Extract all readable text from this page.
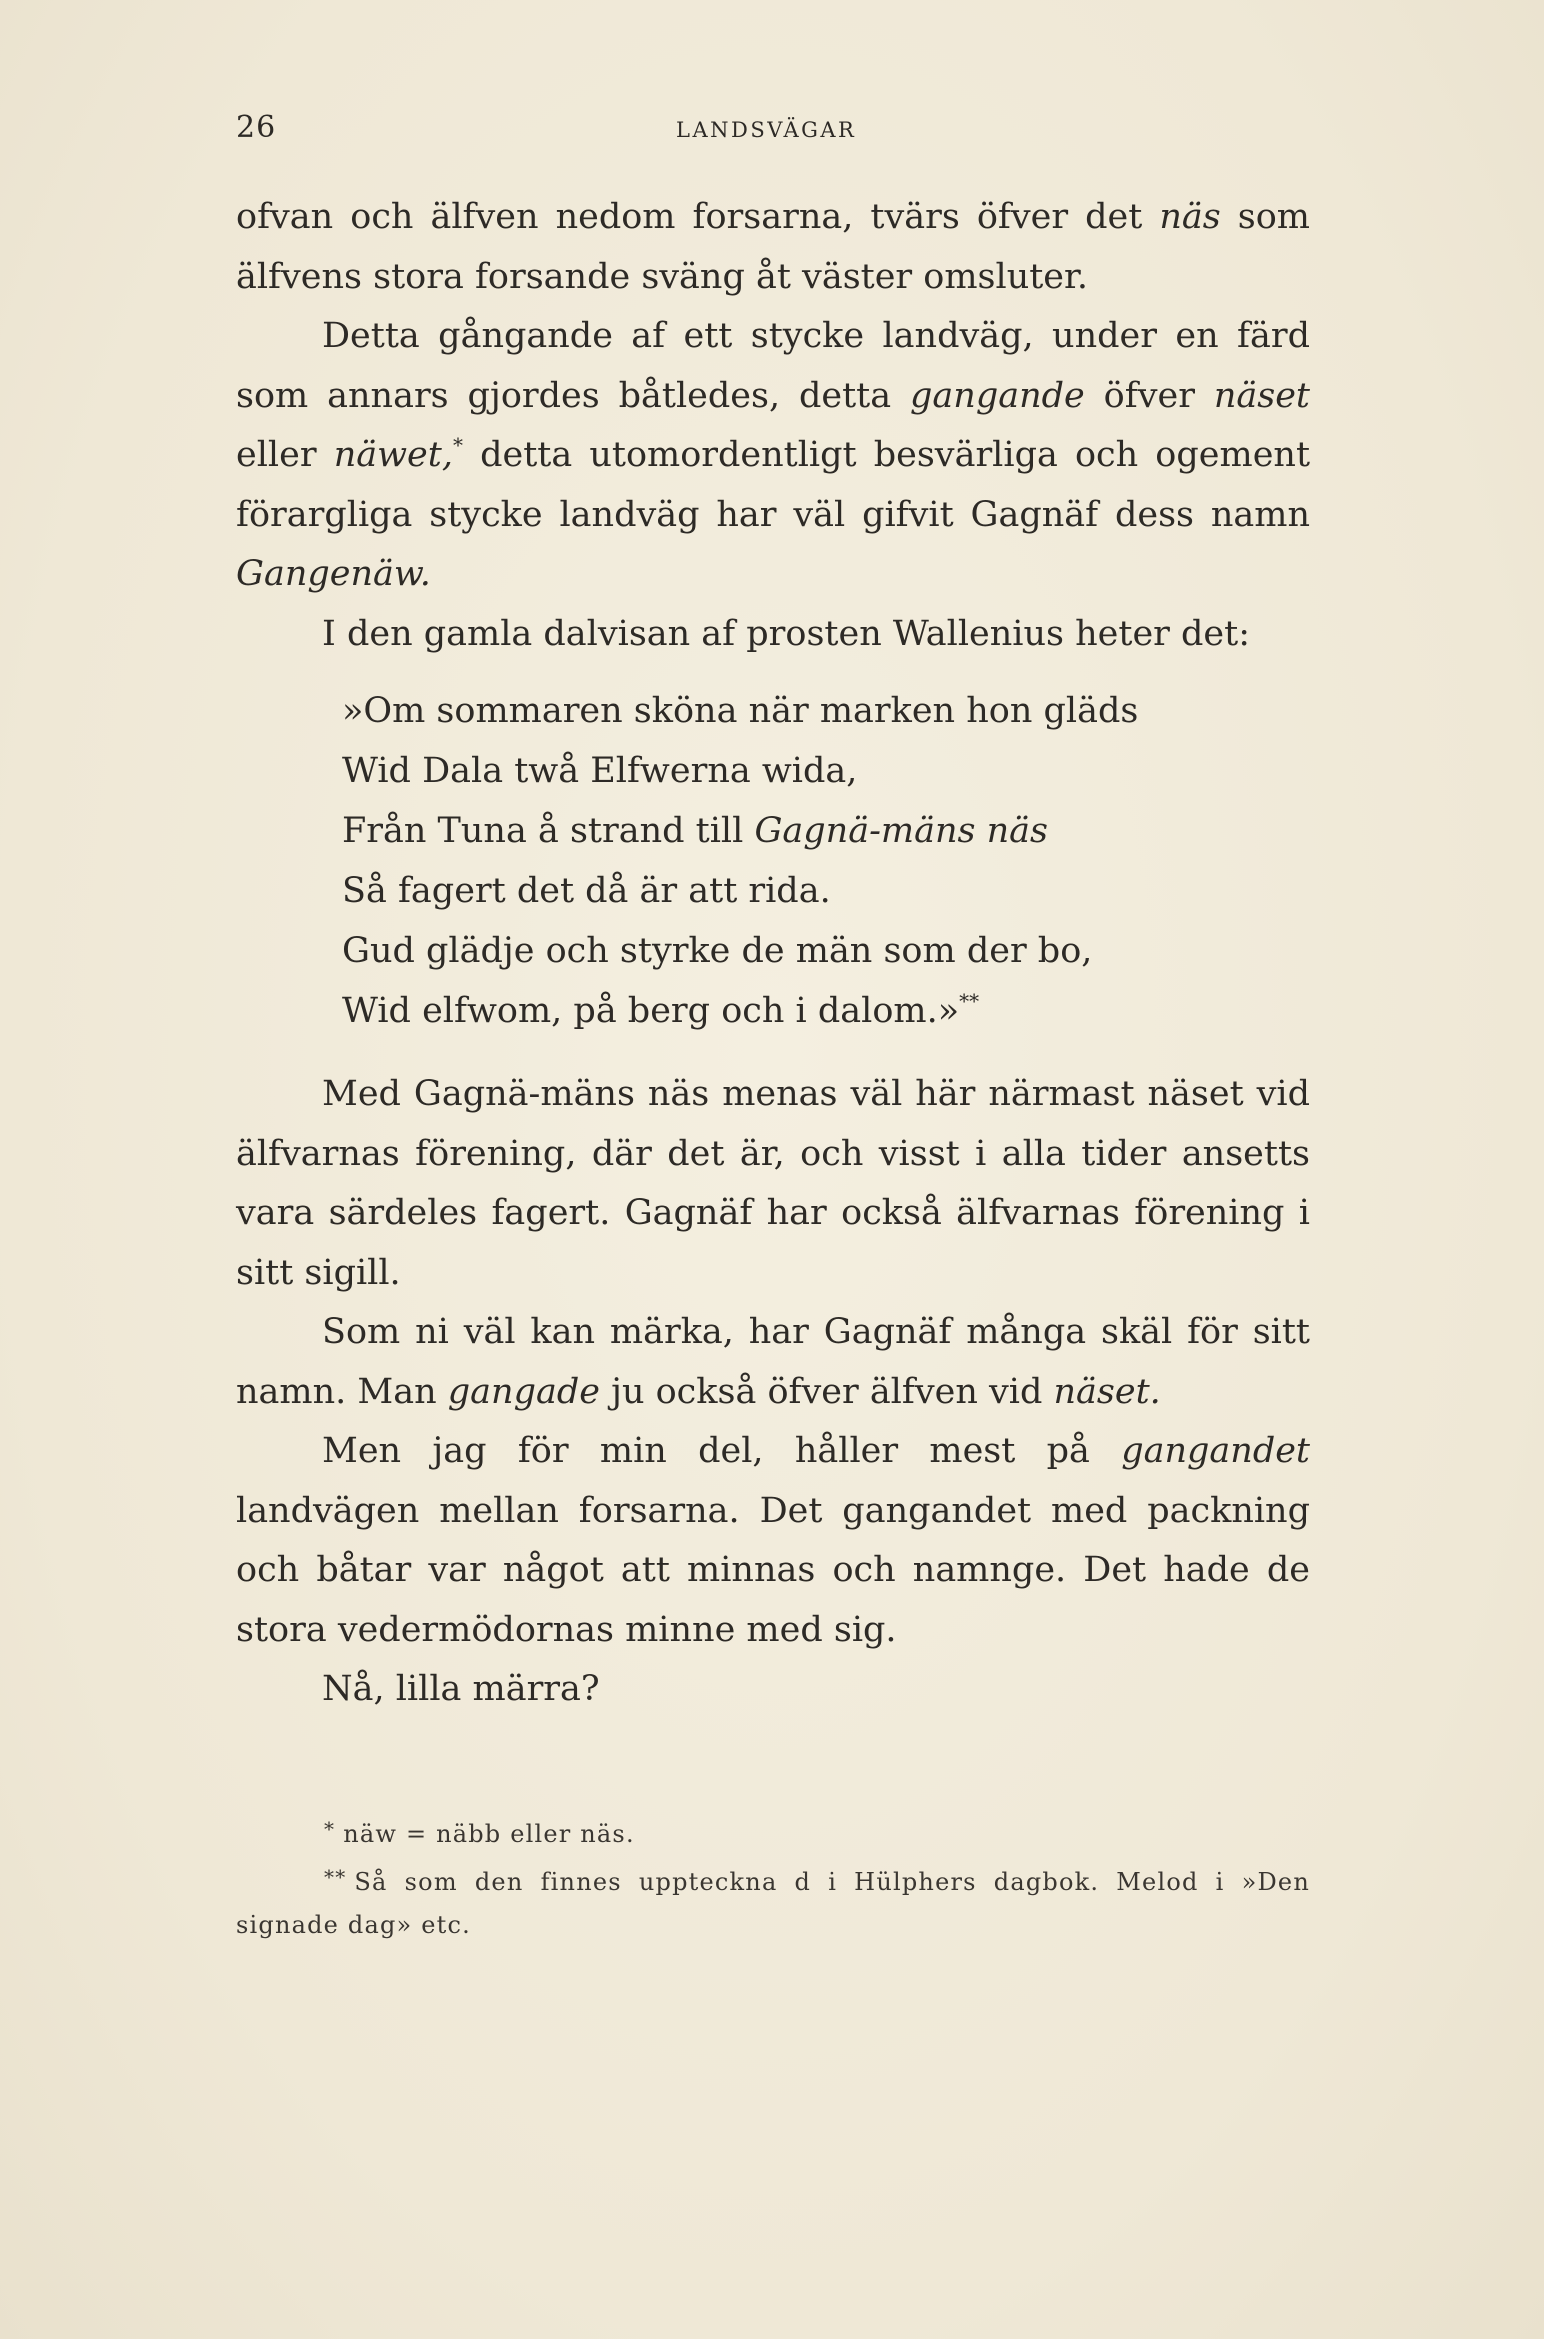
26	LANDSVÄGAR

ofvan och älfven nedom forsarna, tvärs öfver det näs som älfvens stora forsande sväng åt väster omsluter.

Detta gångande af ett stycke landväg, under en färd som annars gjordes båtledes, detta gangande öfver näset eller näwet,* detta utomordentligt besvärliga och ogement förargliga stycke landväg har väl gifvit Gagnäf dess namn Gangenäw.

I den gamla dalvisan af prosten Wallenius heter det:

»Om sommaren sköna när marken hon gläds
Wid Dala twå Elfwerna wida,
Från Tuna å strand till Gagnä-mäns näs
Så fagert det då är att rida.
Gud glädje och styrke de män som der bo,
Wid elfwom, på berg och i dalom.»**

Med Gagnä-mäns näs menas väl här närmast näset vid älfvarnas förening, där det är, och visst i alla tider ansetts vara särdeles fagert. Gagnäf har också älfvarnas förening i sitt sigill.

Som ni väl kan märka, har Gagnäf många skäl för sitt namn. Man gangade ju också öfver älfven vid näset.

Men jag för min del, håller mest på gangandet landvägen mellan forsarna. Det gangandet med packning och båtar var något att minnas och namnge. Det hade de stora vedermödornas minne med sig.

Nå, lilla märra?

* näw = näbb eller näs.

** Så som den finnes uppteckna d i Hülphers dagbok. Melod i »Den signade dag» etc.
